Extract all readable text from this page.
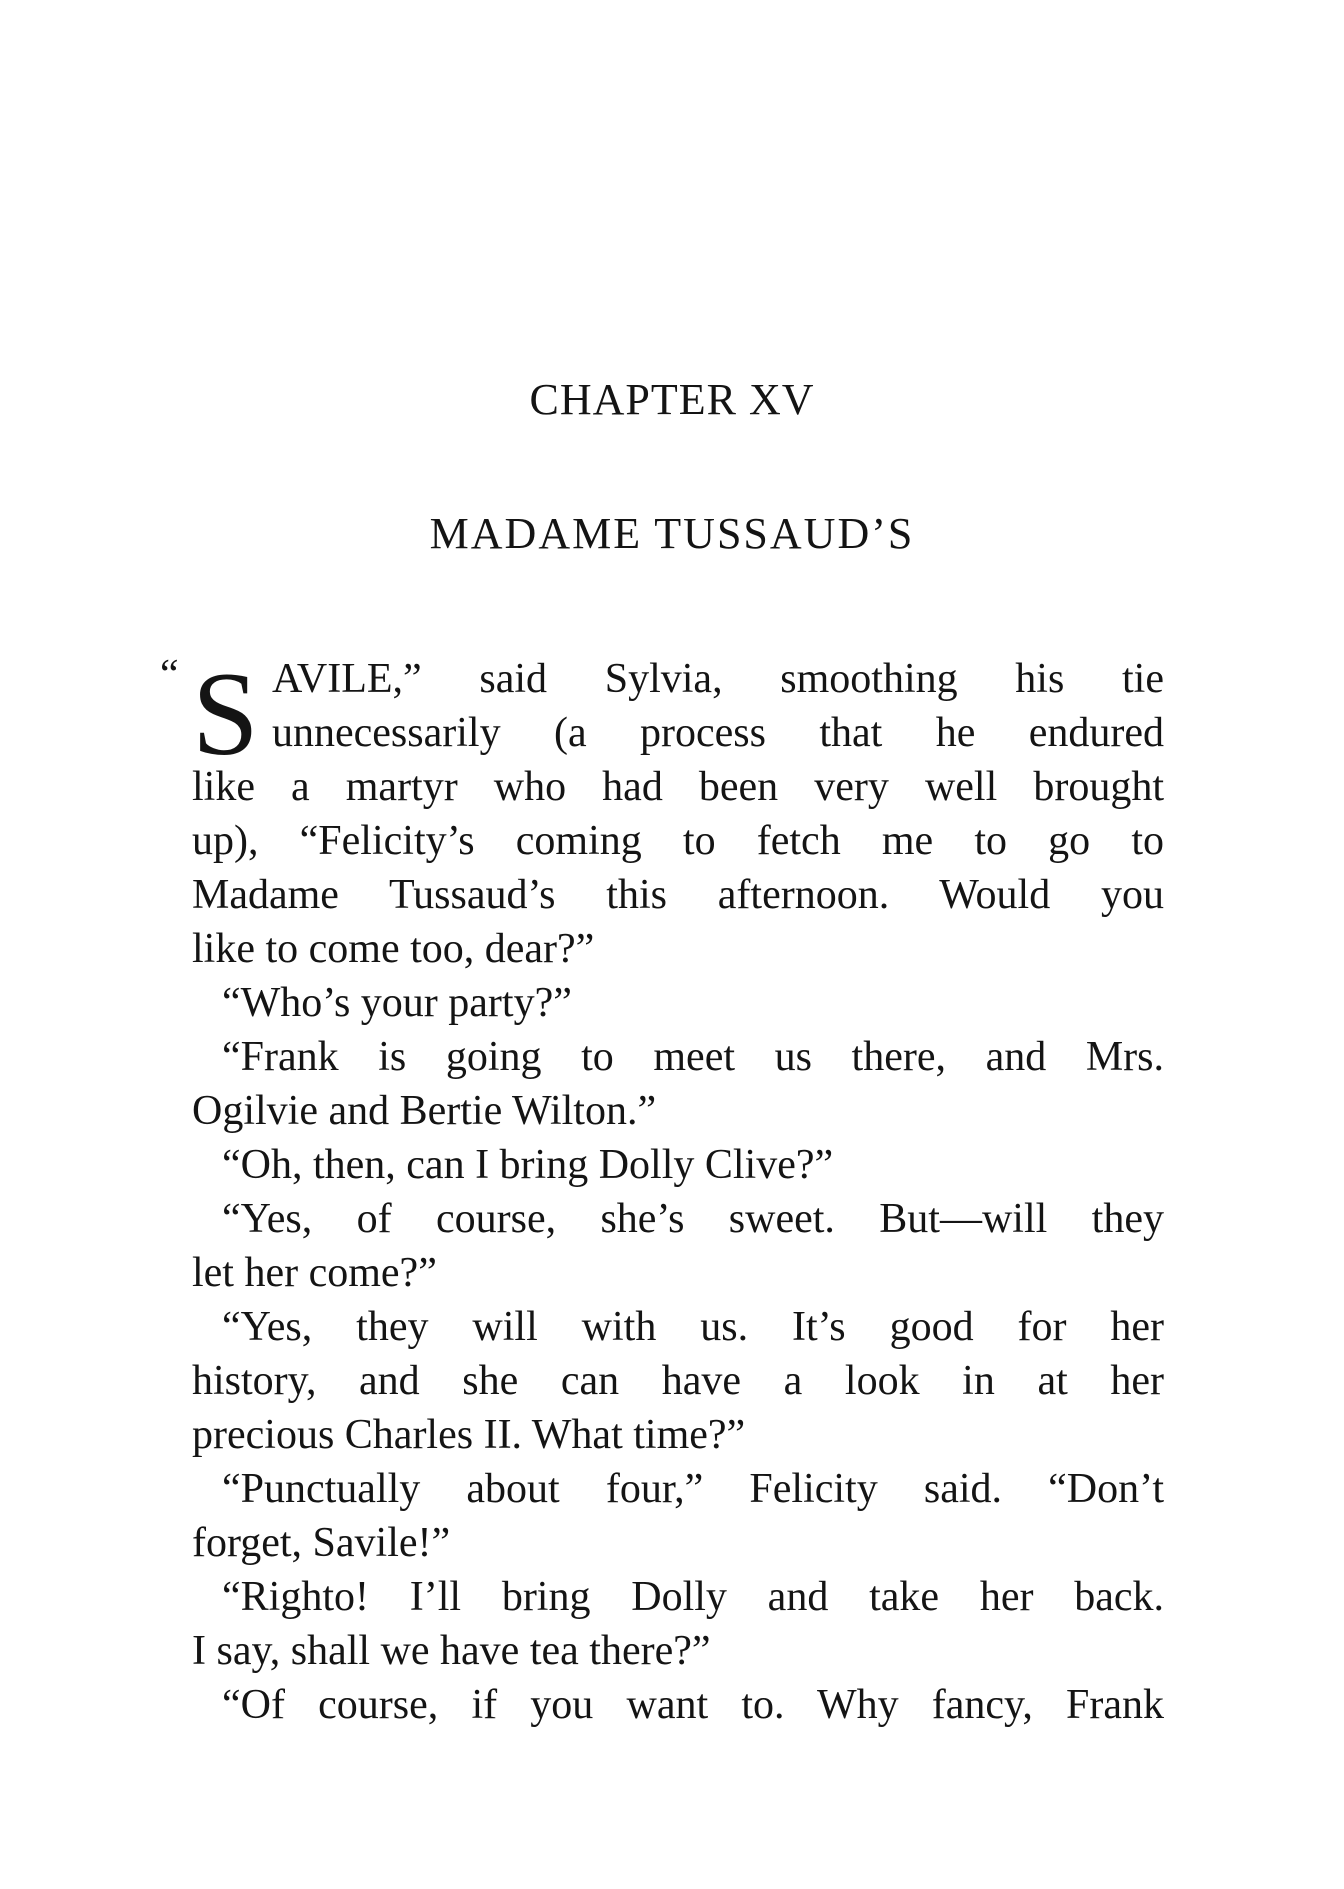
CHAPTER XV
MADAME TUSSAUD’S
“ S AVILE,” said Sylvia, smoothing his tie
unnecessarily (a process that he endured
like a martyr who had been very well brought
up), “Felicity’s coming to fetch me to go to
Madame Tussaud’s this afternoon. Would you
like to come too, dear?”
“Who’s your party?”
“Frank is going to meet us there, and Mrs.
Ogilvie and Bertie Wilton.”
“Oh, then, can I bring Dolly Clive?”
“Yes, of course, she’s sweet. But—will they
let her come?”
“Yes, they will with us. It’s good for her
history, and she can have a look in at her
precious Charles II. What time?”
“Punctually about four,” Felicity said. “Don’t
forget, Savile!”
“Righto! I’ll bring Dolly and take her back.
I say, shall we have tea there?”
“Of course, if you want to. Why fancy, Frank
